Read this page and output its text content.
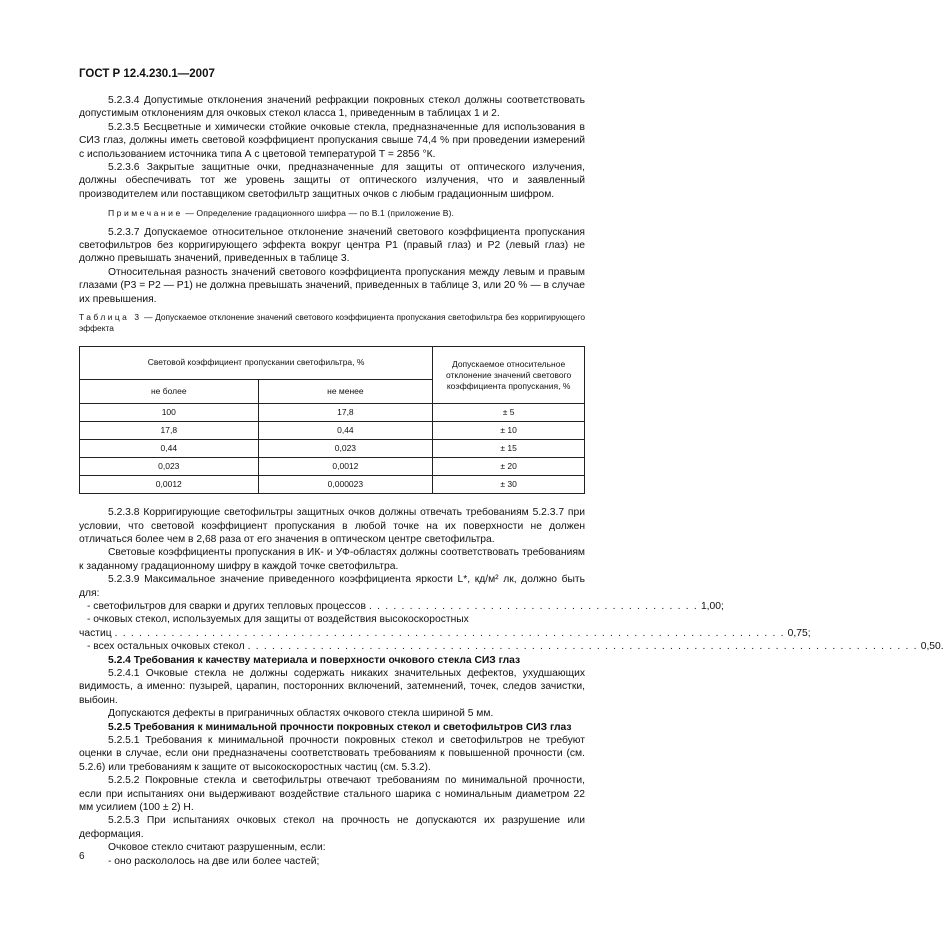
ГОСТ Р 12.4.230.1—2007

5.2.3.4 Допустимые отклонения значений рефракции покровных стекол должны соответствовать допустимым отклонениям для очковых стекол класса 1, приведенным в таблицах 1 и 2.

5.2.3.5 Бесцветные и химически стойкие очковые стекла, предназначенные для использования в СИЗ глаз, должны иметь световой коэффициент пропускания свыше 74,4 % при проведении измерений с использованием источника типа А с цветовой температурой T = 2856 °К.

5.2.3.6 Закрытые защитные очки, предназначенные для защиты от оптического излучения, должны обеспечивать тот же уровень защиты от оптического излучения, что и заявленный производителем или поставщиком светофильтр защитных очков с любым градационным шифром.

Примечание — Определение градационного шифра — по В.1 (приложение В).

5.2.3.7 Допускаемое относительное отклонение значений светового коэффициента пропускания светофильтров без корригирующего эффекта вокруг центра P1 (правый глаз) и P2 (левый глаз) не должно превышать значений, приведенных в таблице 3.

Относительная разность значений светового коэффициента пропускания между левым и правым глазами (P3 = P2 — P1) не должна превышать значений, приведенных в таблице 3, или 20 % — в случае их превышения.

Таблица 3 — Допускаемое отклонение значений светового коэффициента пропускания светофильтра без корригирующего эффекта

Световой коэффициент пропускании светофильтра, %		Допускаемое относительное отклонение значений светового коэффициента пропускания, %
не более	не менее	
100	17,8	± 5
17,8	0,44	± 10
0,44	0,023	± 15
0,023	0,0012	± 20
0,0012	0,000023	± 30

5.2.3.8 Корригирующие светофильтры защитных очков должны отвечать требованиям 5.2.3.7 при условии, что световой коэффициент пропускания в любой точке на их поверхности не должен отличаться более чем в 2,68 раза от его значения в оптическом центре светофильтра.

Световые коэффициенты пропускания в ИК- и УФ-областях должны соответствовать требованиям к заданному градационному шифру в каждой точке светофильтра.

5.2.3.9 Максимальное значение приведенного коэффициента яркости L*, кд/м² лк, должно быть для:

- светофильтров для сварки и других тепловых процессов . . . . . . . . . . . . . . . . . . . . . . . . . . . . . . . . . . . . . . . . . 1,00;
- очковых стекол, используемых для защиты от воздействия высокоскоростных
частиц . . . . . . . . . . . . . . . . . . . . . . . . . . . . . . . . . . . . . . . . . . . . . . . . . . . . . . . . . . . . . . . . . . . . . . . . . . . . . . . . . . . 0,75;
- всех остальных очковых стекол . . . . . . . . . . . . . . . . . . . . . . . . . . . . . . . . . . . . . . . . . . . . . . . . . . . . . . . . . . . . . . . . . . . . . . . . . . . . . . . . . . . 0,50.

5.2.4 Требования к качеству материала и поверхности очкового стекла СИЗ глаз

5.2.4.1 Очковые стекла не должны содержать никаких значительных дефектов, ухудшающих видимость, а именно: пузырей, царапин, посторонних включений, затемнений, точек, следов зачистки, выбоин.

Допускаются дефекты в приграничных областях очкового стекла шириной 5 мм.

5.2.5 Требования к минимальной прочности покровных стекол и светофильтров СИЗ глаз

5.2.5.1 Требования к минимальной прочности покровных стекол и светофильтров не требуют оценки в случае, если они предназначены соответствовать требованиям к повышенной прочности (см. 5.2.6) или требованиям к защите от высокоскоростных частиц (см. 5.3.2).

5.2.5.2 Покровные стекла и светофильтры отвечают требованиям по минимальной прочности, если при испытаниях они выдерживают воздействие стального шарика с номинальным диаметром 22 мм усилием (100 ± 2) Н.

5.2.5.3 При испытаниях очковых стекол на прочность не допускаются их разрушение или деформация.

Очковое стекло считают разрушенным, если:

- оно раскололось на две или более частей;

6
